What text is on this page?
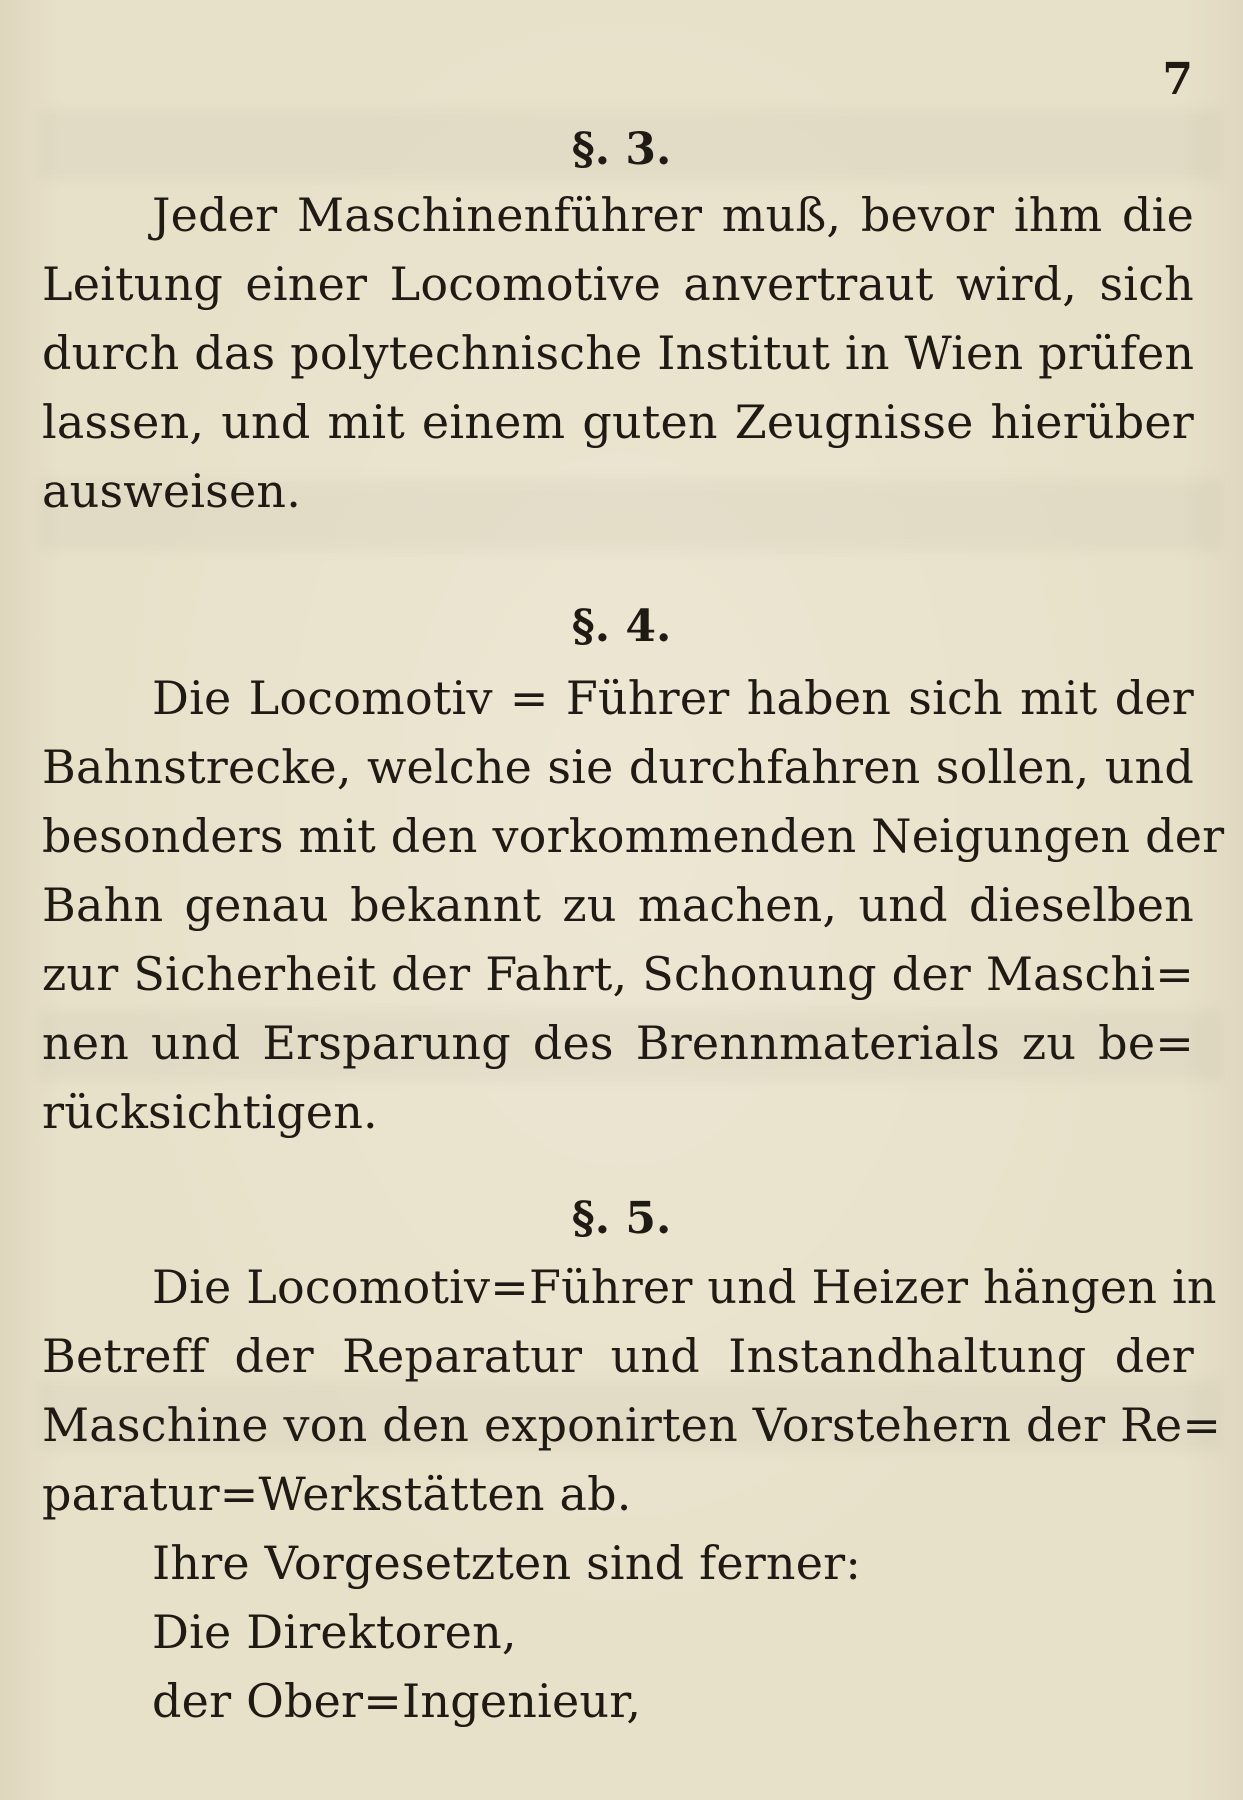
7
§. 3.
Jeder Maschinenführer muß, bevor ihm die
Leitung einer Locomotive anvertraut wird, sich
durch das polytechnische Institut in Wien prüfen
lassen, und mit einem guten Zeugnisse hierüber
ausweisen.
§. 4.
Die Locomotiv = Führer haben sich mit der
Bahnstrecke, welche sie durchfahren sollen, und
besonders mit den vorkommenden Neigungen der
Bahn genau bekannt zu machen, und dieselben
zur Sicherheit der Fahrt, Schonung der Maschi=
nen und Ersparung des Brennmaterials zu be=
rücksichtigen.
§. 5.
Die Locomotiv=Führer und Heizer hängen in
Betreff der Reparatur und Instandhaltung der
Maschine von den exponirten Vorstehern der Re=
paratur=Werkstätten ab.
Ihre Vorgesetzten sind ferner:
Die Direktoren,
der Ober=Ingenieur,
